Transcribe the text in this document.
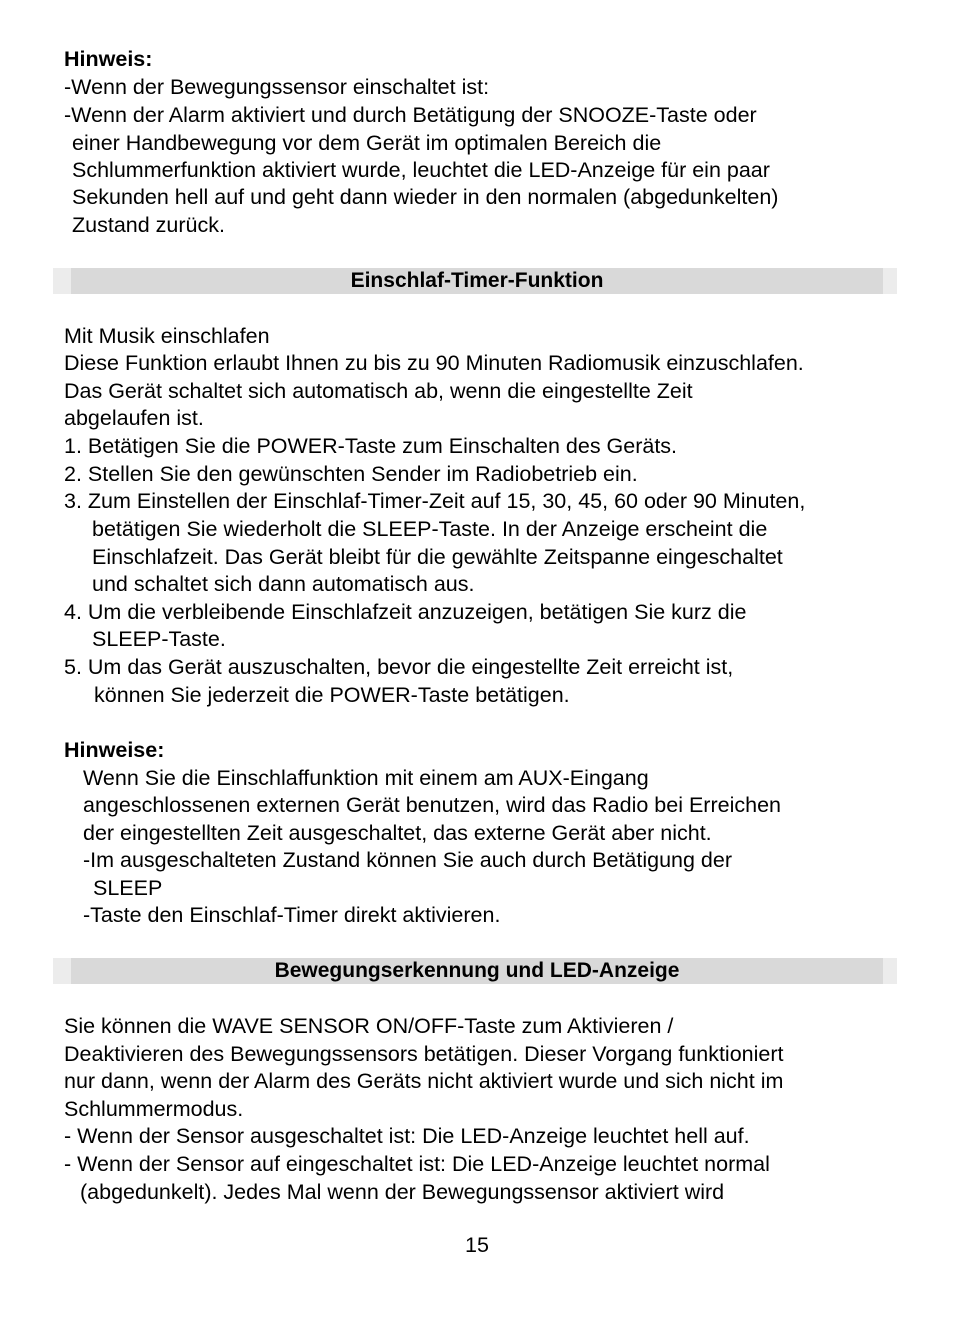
Hinweis:
-Wenn der Bewegungssensor einschaltet ist:
-Wenn der Alarm aktiviert und durch Betätigung der SNOOZE-Taste oder
einer Handbewegung vor dem Gerät im optimalen Bereich die
Schlummerfunktion aktiviert wurde, leuchtet die LED-Anzeige für ein paar
Sekunden hell auf und geht dann wieder in den normalen (abgedunkelten)
Zustand zurück.
Einschlaf-Timer-Funktion
Mit Musik einschlafen
Diese Funktion erlaubt Ihnen zu bis zu 90 Minuten Radiomusik einzuschlafen.
Das Gerät schaltet sich automatisch ab, wenn die eingestellte Zeit
abgelaufen ist.
1. Betätigen Sie die POWER-Taste zum Einschalten des Geräts.
2. Stellen Sie den gewünschten Sender im Radiobetrieb ein.
3. Zum Einstellen der Einschlaf-Timer-Zeit auf 15, 30, 45, 60 oder 90 Minuten,
betätigen Sie wiederholt die SLEEP-Taste. In der Anzeige erscheint die
Einschlafzeit. Das Gerät bleibt für die gewählte Zeitspanne eingeschaltet
und schaltet sich dann automatisch aus.
4. Um die verbleibende Einschlafzeit anzuzeigen, betätigen Sie kurz die
SLEEP-Taste.
5. Um das Gerät auszuschalten, bevor die eingestellte Zeit erreicht ist,
können Sie jederzeit die POWER-Taste betätigen.
Hinweise:
Wenn Sie die Einschlaffunktion mit einem am AUX-Eingang
angeschlossenen externen Gerät benutzen, wird das Radio bei Erreichen
der eingestellten Zeit ausgeschaltet, das externe Gerät aber nicht.
-Im ausgeschalteten Zustand können Sie auch durch Betätigung der
SLEEP
-Taste den Einschlaf-Timer direkt aktivieren.
Bewegungserkennung und LED-Anzeige
Sie können die WAVE SENSOR ON/OFF-Taste zum Aktivieren /
Deaktivieren des Bewegungssensors betätigen. Dieser Vorgang funktioniert
nur dann, wenn der Alarm des Geräts nicht aktiviert wurde und sich nicht im
Schlummermodus.
- Wenn der Sensor ausgeschaltet ist: Die LED-Anzeige leuchtet hell auf.
- Wenn der Sensor auf eingeschaltet ist: Die LED-Anzeige leuchtet normal
(abgedunkelt). Jedes Mal wenn der Bewegungssensor aktiviert wird
15
